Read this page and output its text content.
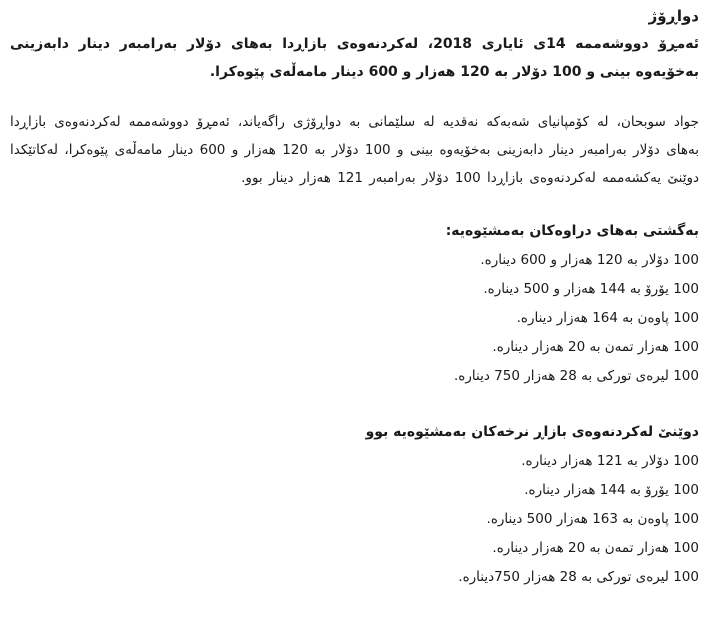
دواڕۆژ

ئەمڕۆ دووشەممە 14ی ئایاری 2018، لەکردنەوەی بازاڕدا بەهای دۆلار بەرامبەر دینار دابەزینی بەخۆیەوە بینی و 100 دۆلار بە 120 هەزار و 600 دینار مامەڵەی پێوەکرا.

جواد سوبحان، لە کۆمپانیای شەبەکە نەقدیە لە سلێمانی بە دواڕۆژی راگەیاند، ئەمڕۆ دووشەممە لەکردنەوەی بازاڕدا بەهای دۆلار بەرامبەر دینار دابەزینی بەخۆیەوە بینی و 100 دۆلار بە 120 هەزار و 600 دینار مامەڵەی پێوەکرا، لەکاتێکدا دوێنێ یەکشەممە لەکردنەوەی بازاڕدا 100 دۆلار بەرامبەر 121 هەزار دینار بوو.

بەگشتی بەهای دراوەکان بەمشێوەیە:
100 دۆلار بە 120 هەزار و 600 دینارە.
100 یۆرۆ بە 144 هەزار و 500 دینارە.
100 پاوەن بە 164 هەزار دینارە.
100 هەزار تمەن بە 20 هەزار دینارە.
100 لیرەی تورکی بە 28 هەزار 750 دینارە.
دوێنێ لەکردنەوەی بازاڕ نرخەکان بەمشێوەیە بوو
100 دۆلار بە 121 هەزار دینارە.
100 یۆرۆ بە 144 هەزار دینارە.
100 پاوەن بە 163 هەزار 500 دینارە.
100 هەزار تمەن بە 20 هەزار دینارە.
100 لیرەی تورکی بە 28 هەزار 750دینارە.
